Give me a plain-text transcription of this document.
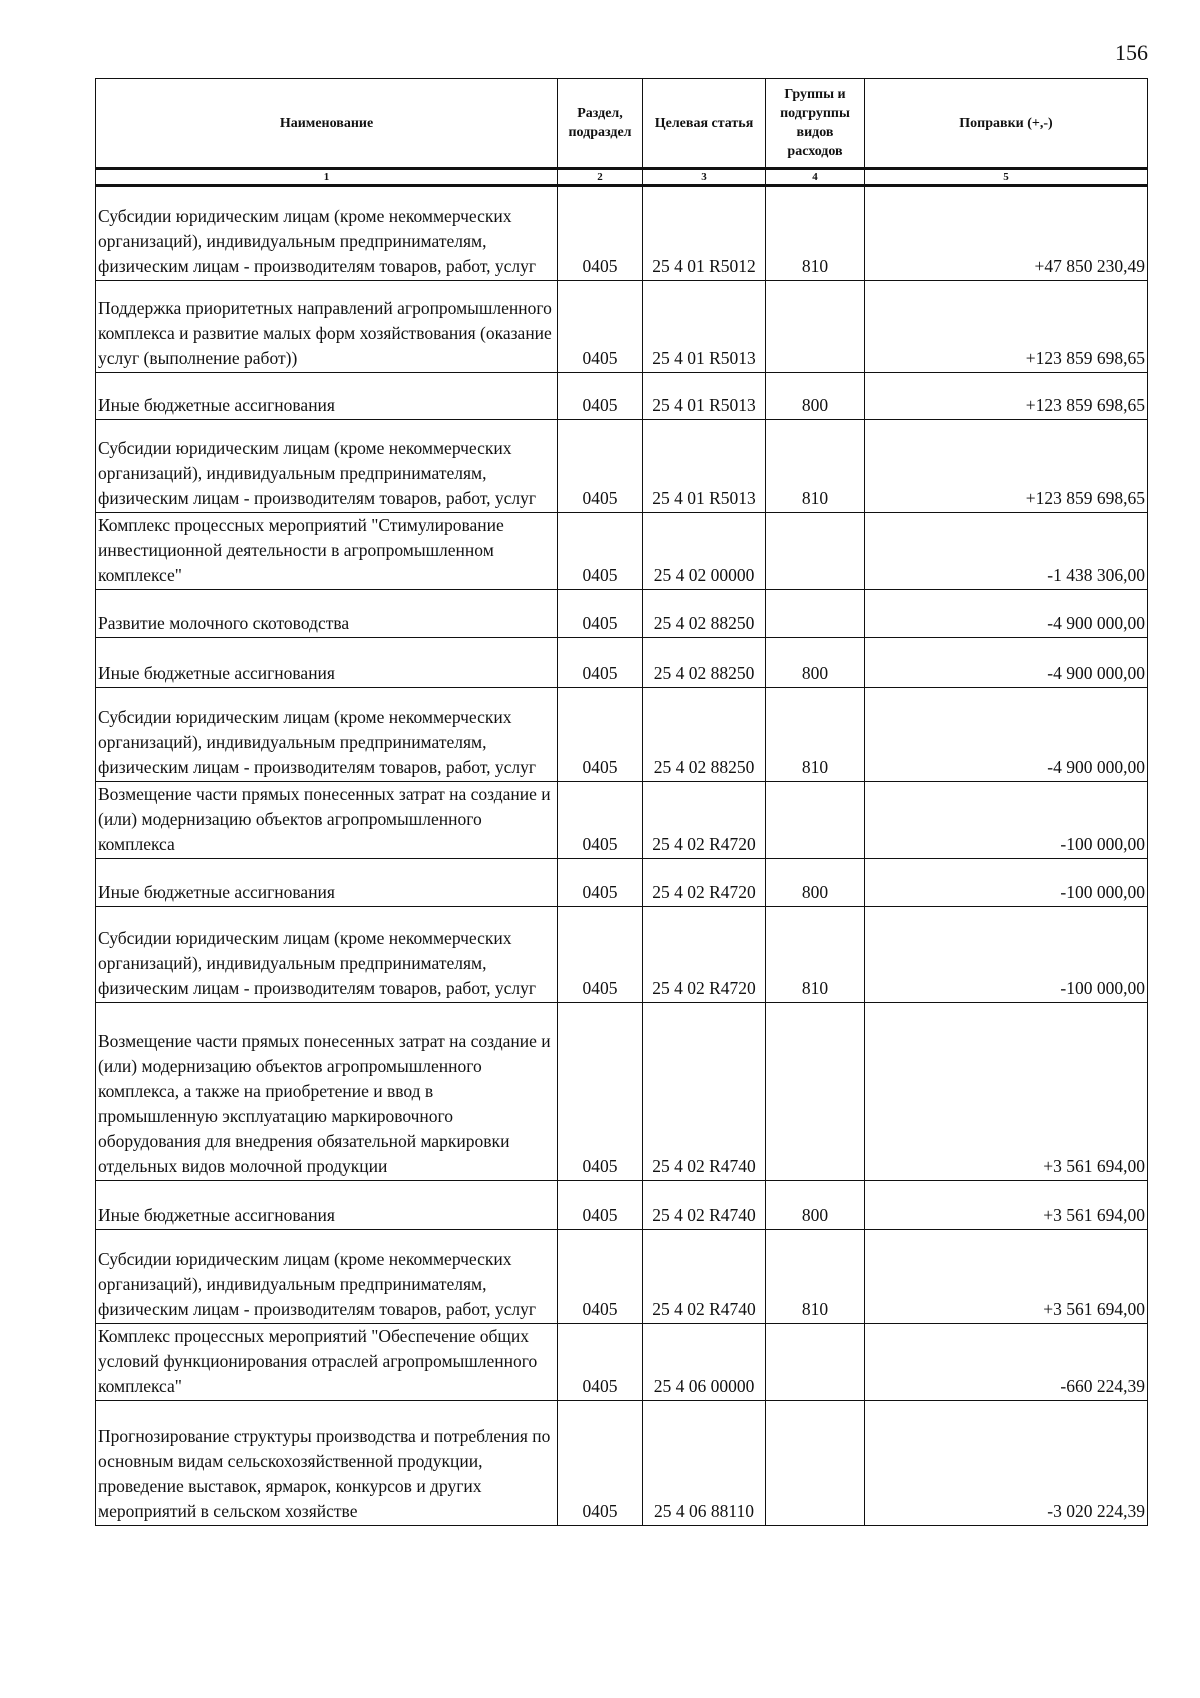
156
Наименование	Раздел, подраздел	Целевая статья	Группы и подгруппы видов расходов	Поправки (+,-)
1	2	3	4	5
Субсидии юридическим лицам (кроме некоммерческих организаций), индивидуальным предпринимателям, физическим лицам - производителям товаров, работ, услуг	0405	25 4 01 R5012	810	+47 850 230,49
Поддержка приоритетных направлений агропромышленного комплекса и развитие малых форм хозяйствования (оказание услуг (выполнение работ))	0405	25 4 01 R5013		+123 859 698,65
Иные бюджетные ассигнования	0405	25 4 01 R5013	800	+123 859 698,65
Субсидии юридическим лицам (кроме некоммерческих организаций), индивидуальным предпринимателям, физическим лицам - производителям товаров, работ, услуг	0405	25 4 01 R5013	810	+123 859 698,65
Комплекс процессных мероприятий "Стимулирование инвестиционной деятельности в агропромышленном комплексе"	0405	25 4 02 00000		-1 438 306,00
Развитие молочного скотоводства	0405	25 4 02 88250		-4 900 000,00
Иные бюджетные ассигнования	0405	25 4 02 88250	800	-4 900 000,00
Субсидии юридическим лицам (кроме некоммерческих организаций), индивидуальным предпринимателям, физическим лицам - производителям товаров, работ, услуг	0405	25 4 02 88250	810	-4 900 000,00
Возмещение части прямых понесенных затрат на создание и (или) модернизацию объектов агропромышленного комплекса	0405	25 4 02 R4720		-100 000,00
Иные бюджетные ассигнования	0405	25 4 02 R4720	800	-100 000,00
Субсидии юридическим лицам (кроме некоммерческих организаций), индивидуальным предпринимателям, физическим лицам - производителям товаров, работ, услуг	0405	25 4 02 R4720	810	-100 000,00
Возмещение части прямых понесенных затрат на создание и (или) модернизацию объектов агропромышленного комплекса, а также на приобретение и ввод в промышленную эксплуатацию маркировочного оборудования для внедрения обязательной маркировки отдельных видов молочной продукции	0405	25 4 02 R4740		+3 561 694,00
Иные бюджетные ассигнования	0405	25 4 02 R4740	800	+3 561 694,00
Субсидии юридическим лицам (кроме некоммерческих организаций), индивидуальным предпринимателям, физическим лицам - производителям товаров, работ, услуг	0405	25 4 02 R4740	810	+3 561 694,00
Комплекс процессных мероприятий "Обеспечение общих условий функционирования отраслей агропромышленного комплекса"	0405	25 4 06 00000		-660 224,39
Прогнозирование структуры производства и потребления по основным видам сельскохозяйственной продукции, проведение выставок, ярмарок, конкурсов и других мероприятий в сельском хозяйстве	0405	25 4 06 88110		-3 020 224,39
